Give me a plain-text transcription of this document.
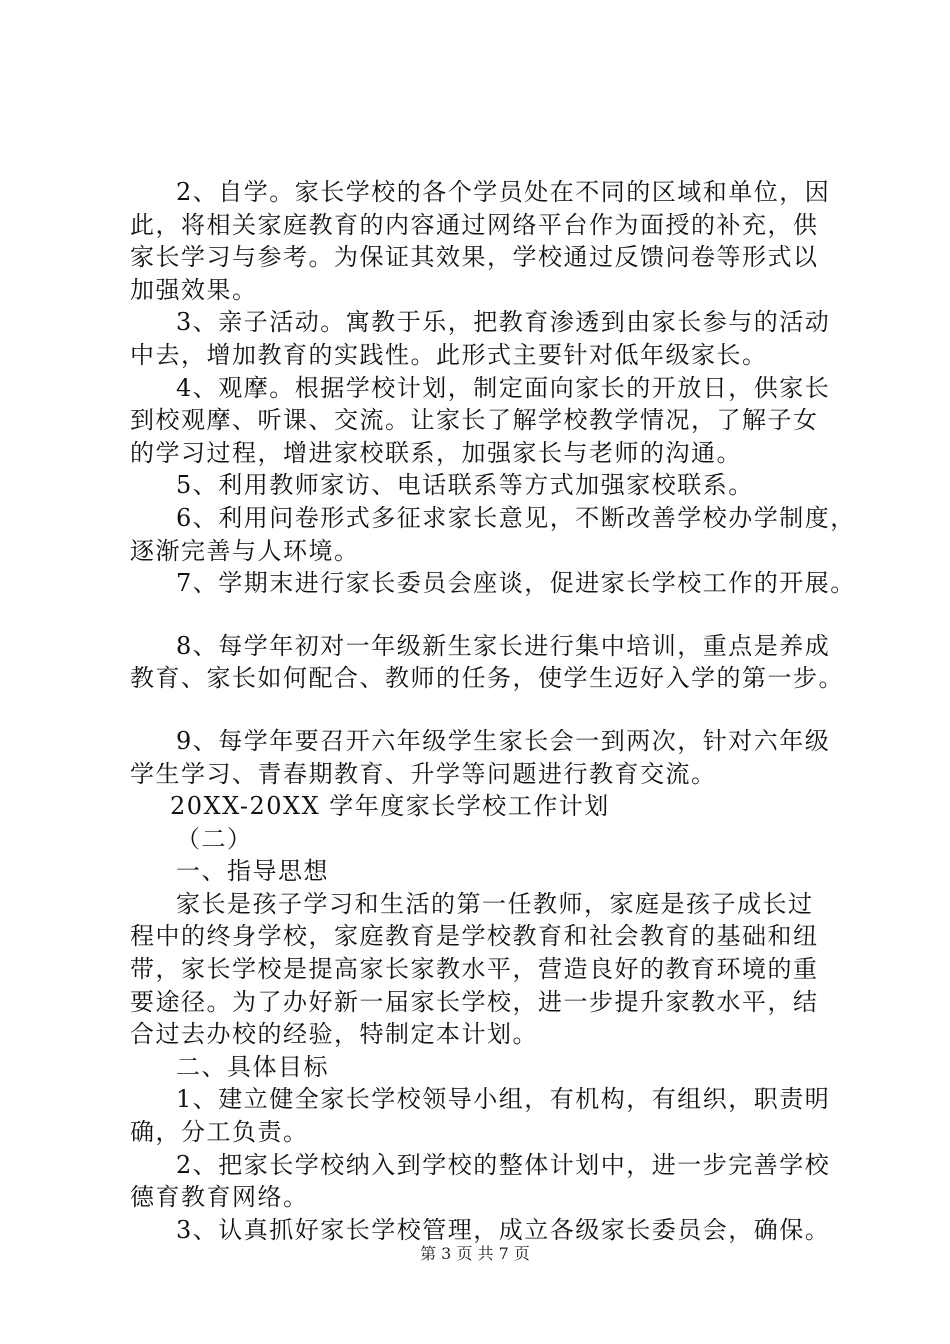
2、自学。家长学校的各个学员处在不同的区域和单位，因
此，将相关家庭教育的内容通过网络平台作为面授的补充，供
家长学习与参考。为保证其效果，学校通过反馈问卷等形式以
加强效果。
3、亲子活动。寓教于乐，把教育渗透到由家长参与的活动
中去，增加教育的实践性。此形式主要针对低年级家长。
4、观摩。根据学校计划，制定面向家长的开放日，供家长
到校观摩、听课、交流。让家长了解学校教学情况，了解子女
的学习过程，增进家校联系，加强家长与老师的沟通。
5、利用教师家访、电话联系等方式加强家校联系。
6、利用问卷形式多征求家长意见，不断改善学校办学制度，
逐渐完善与人环境。
7、学期末进行家长委员会座谈，促进家长学校工作的开展。
8、每学年初对一年级新生家长进行集中培训，重点是养成
教育、家长如何配合、教师的任务，使学生迈好入学的第一步。
9、每学年要召开六年级学生家长会一到两次，针对六年级
学生学习、青春期教育、升学等问题进行教育交流。
20XX-20XX 学年度家长学校工作计划
（二）
一、指导思想
家长是孩子学习和生活的第一任教师，家庭是孩子成长过
程中的终身学校，家庭教育是学校教育和社会教育的基础和纽
带，家长学校是提高家长家教水平，营造良好的教育环境的重
要途径。为了办好新一届家长学校，进一步提升家教水平，结
合过去办校的经验，特制定本计划。
二、具体目标
1、建立健全家长学校领导小组，有机构，有组织，职责明
确，分工负责。
2、把家长学校纳入到学校的整体计划中，进一步完善学校
德育教育网络。
3、认真抓好家长学校管理，成立各级家长委员会，确保。
第 3 页 共 7 页
